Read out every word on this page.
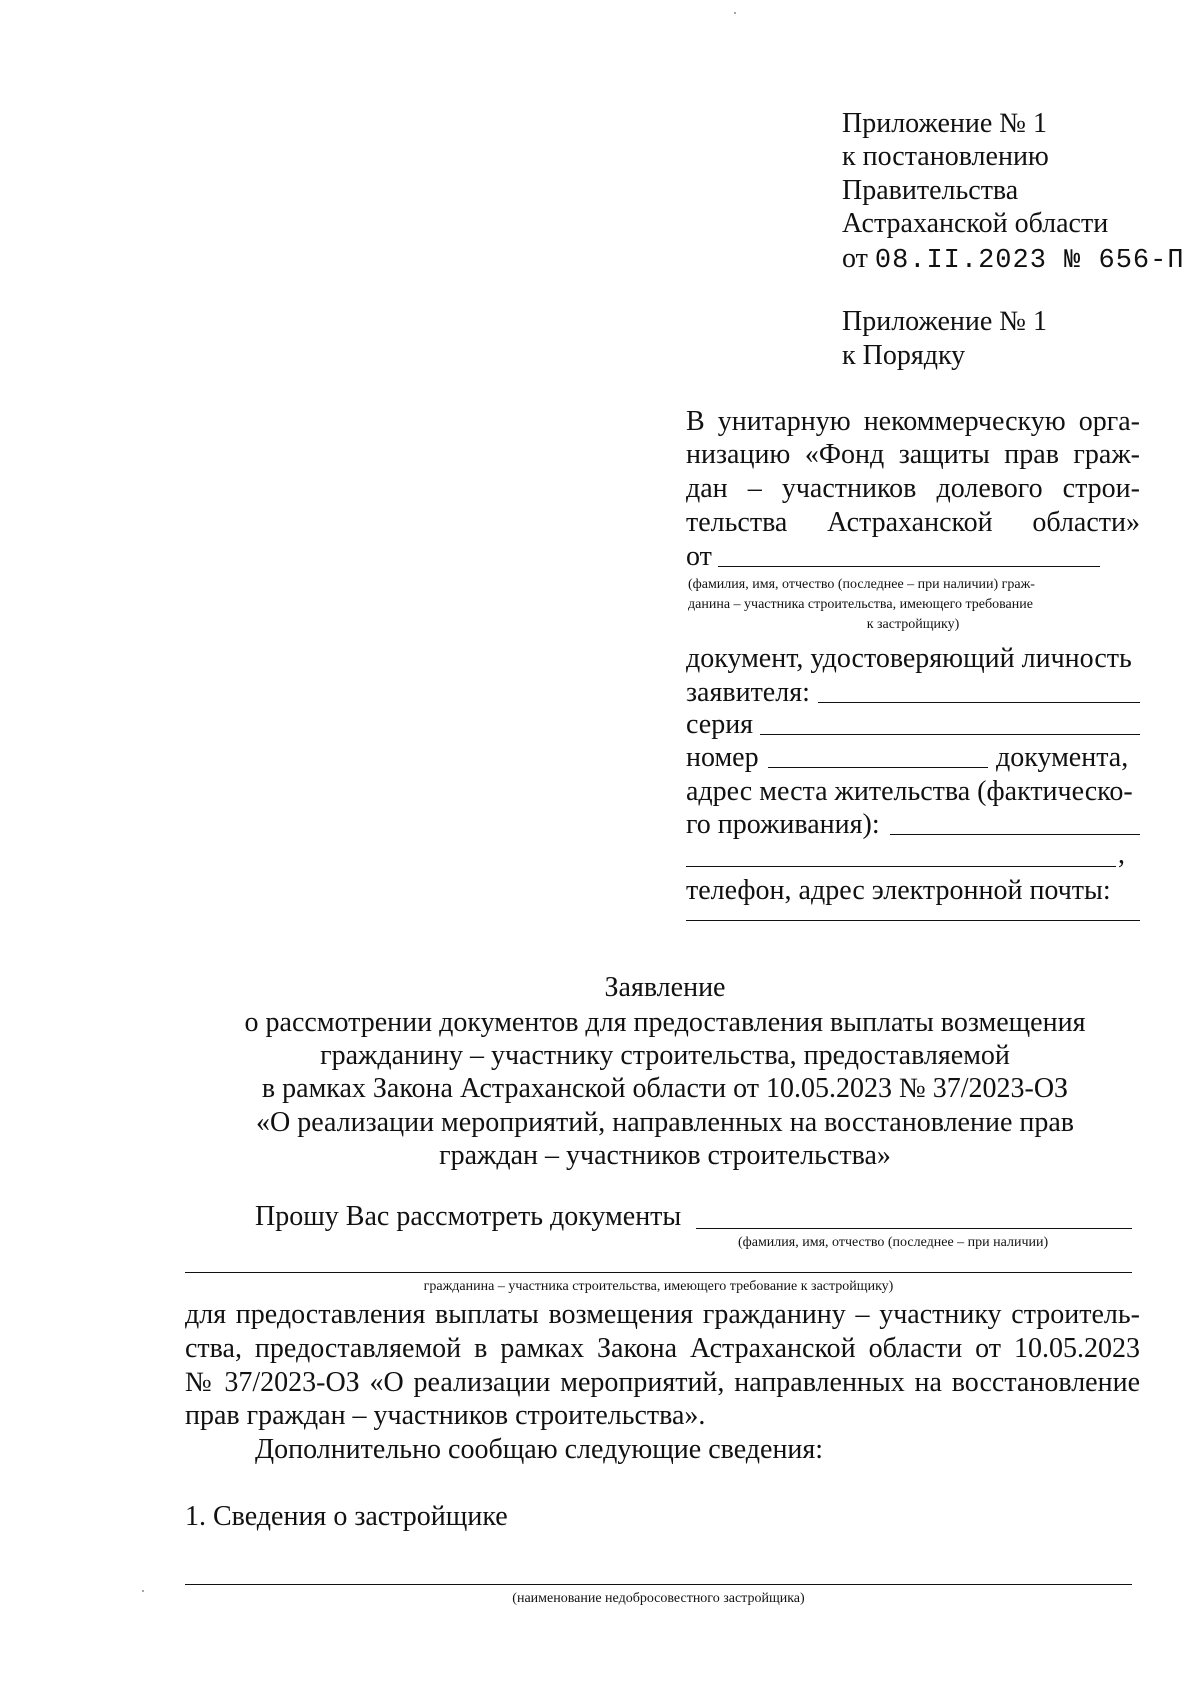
Приложение № 1
к постановлению
Правительства
Астраханской области
от 08.II.2023 № 656-П
Приложение № 1
к Порядку
В унитарную некоммерческую орга-
низацию «Фонд защиты прав граж-
дан – участников долевого строи-
тельства Астраханской области»
от
(фамилия, имя, отчество (последнее – при наличии) граж-
данина – участника строительства, имеющего требование
к застройщику)
документ, удостоверяющий личность
заявителя:
серия
номер	документа,
адрес места жительства (фактическо-
го проживания):
,
телефон, адрес электронной почты:
Заявление
о рассмотрении документов для предоставления выплаты возмещения
гражданину – участнику строительства, предоставляемой
в рамках Закона Астраханской области от 10.05.2023 № 37/2023-ОЗ
«О реализации мероприятий, направленных на восстановление прав
граждан – участников строительства»
Прошу Вас рассмотреть документы
(фамилия, имя, отчество (последнее – при наличии)
гражданина – участника строительства, имеющего требование к застройщику)
для предоставления выплаты возмещения гражданину – участнику строитель-
ства, предоставляемой в рамках Закона Астраханской области от 10.05.2023
№ 37/2023-ОЗ «О реализации мероприятий, направленных на восстановление
прав граждан – участников строительства».
Дополнительно сообщаю следующие сведения:
1. Сведения о застройщике
(наименование недобросовестного застройщика)
